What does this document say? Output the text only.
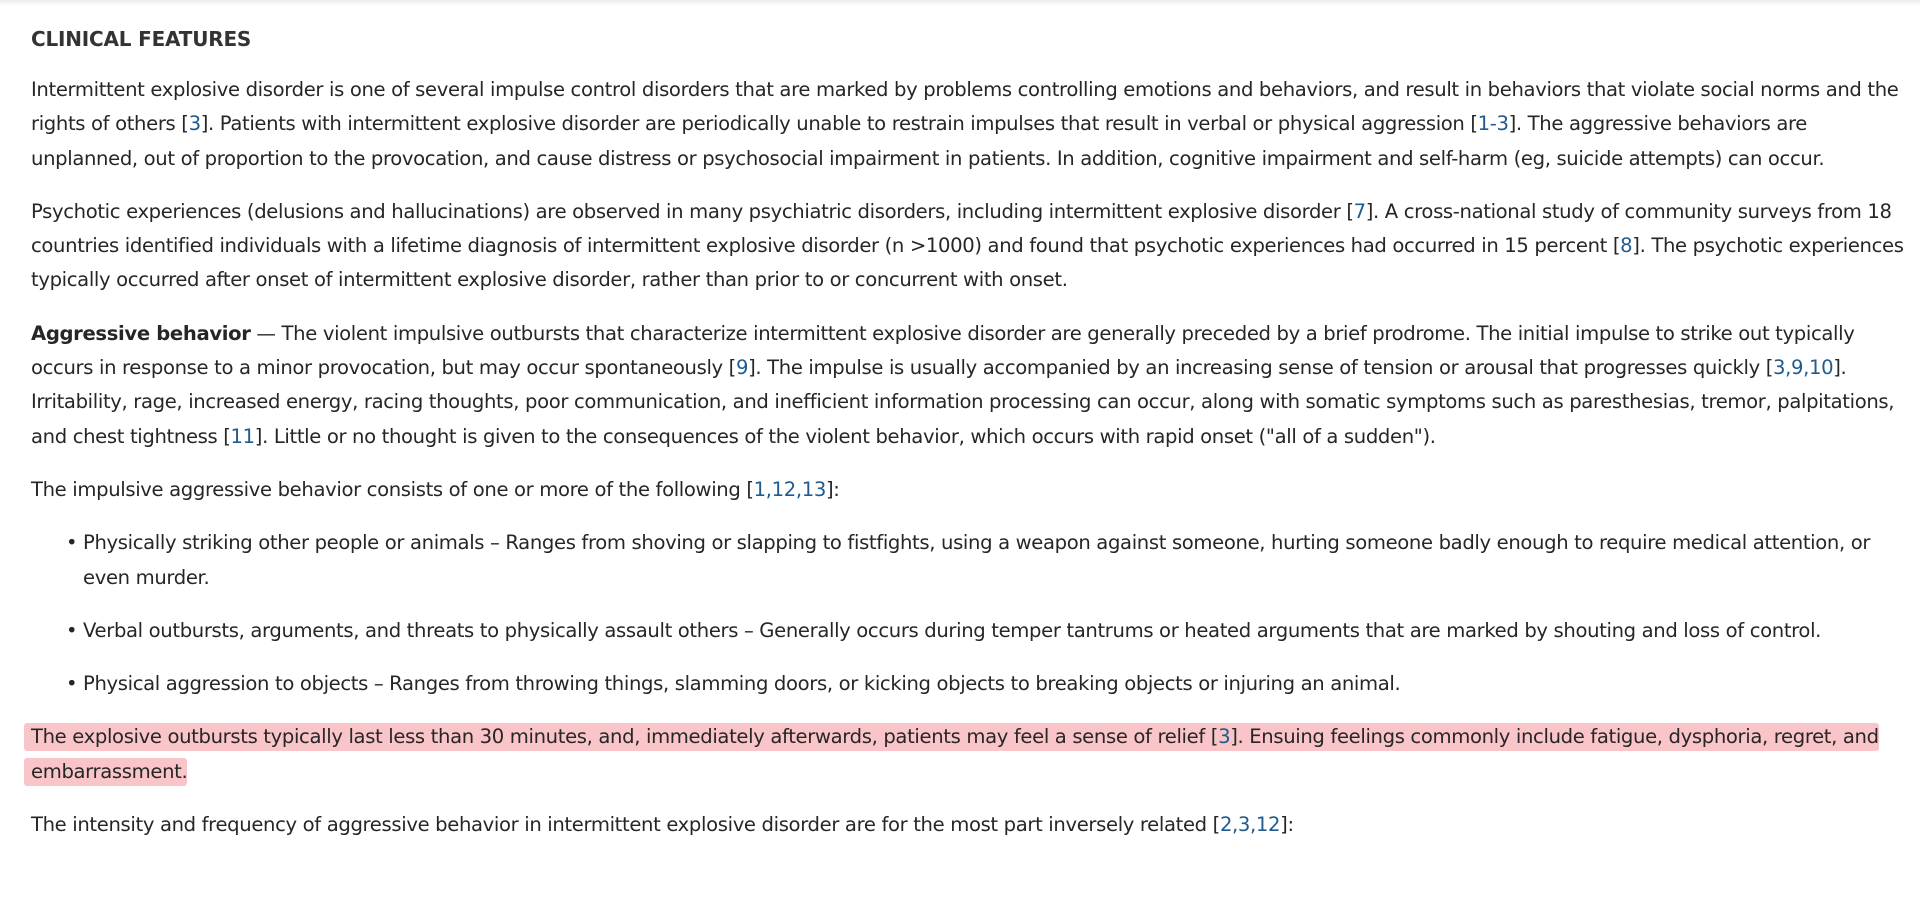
CLINICAL FEATURES

Intermittent explosive disorder is one of several impulse control disorders that are marked by problems controlling emotions and behaviors, and result in behaviors that violate social norms and the rights of others [3]. Patients with intermittent explosive disorder are periodically unable to restrain impulses that result in verbal or physical aggression [1-3]. The aggressive behaviors are unplanned, out of proportion to the provocation, and cause distress or psychosocial impairment in patients. In addition, cognitive impairment and self-harm (eg, suicide attempts) can occur.

Psychotic experiences (delusions and hallucinations) are observed in many psychiatric disorders, including intermittent explosive disorder [7]. A cross-national study of community surveys from 18 countries identified individuals with a lifetime diagnosis of intermittent explosive disorder (n >1000) and found that psychotic experiences had occurred in 15 percent [8]. The psychotic experiences typically occurred after onset of intermittent explosive disorder, rather than prior to or concurrent with onset.

Aggressive behavior — The violent impulsive outbursts that characterize intermittent explosive disorder are generally preceded by a brief prodrome. The initial impulse to strike out typically occurs in response to a minor provocation, but may occur spontaneously [9]. The impulse is usually accompanied by an increasing sense of tension or arousal that progresses quickly [3,9,10]. Irritability, rage, increased energy, racing thoughts, poor communication, and inefficient information processing can occur, along with somatic symptoms such as paresthesias, tremor, palpitations, and chest tightness [11]. Little or no thought is given to the consequences of the violent behavior, which occurs with rapid onset ("all of a sudden").

The impulsive aggressive behavior consists of one or more of the following [1,12,13]:

• Physically striking other people or animals – Ranges from shoving or slapping to fistfights, using a weapon against someone, hurting someone badly enough to require medical attention, or even murder.
• Verbal outbursts, arguments, and threats to physically assault others – Generally occurs during temper tantrums or heated arguments that are marked by shouting and loss of control.
• Physical aggression to objects – Ranges from throwing things, slamming doors, or kicking objects to breaking objects or injuring an animal.

The explosive outbursts typically last less than 30 minutes, and, immediately afterwards, patients may feel a sense of relief [3]. Ensuing feelings commonly include fatigue, dysphoria, regret, and embarrassment.

The intensity and frequency of aggressive behavior in intermittent explosive disorder are for the most part inversely related [2,3,12]:
